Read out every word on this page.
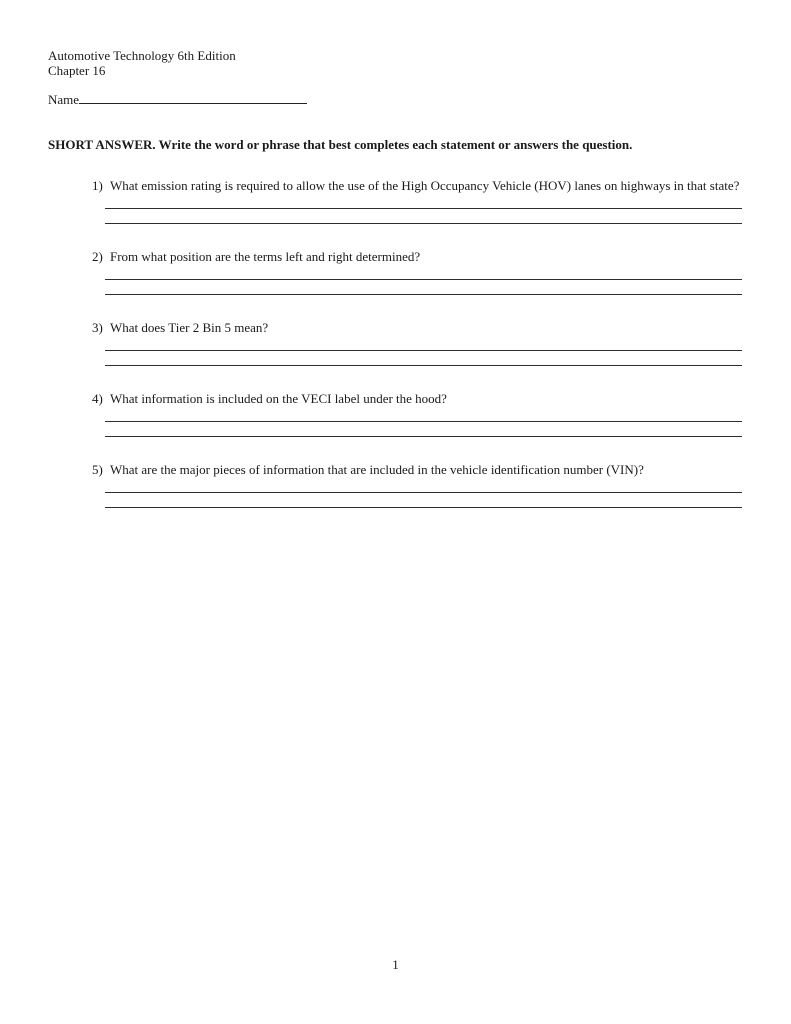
Automotive Technology 6th Edition
Chapter 16
Name
SHORT ANSWER. Write the word or phrase that best completes each statement or answers the question.

1) What emission rating is required to allow the use of the High Occupancy Vehicle (HOV) lanes on highways in that state?

2) From what position are the terms left and right determined?

3) What does Tier 2 Bin 5 mean?

4) What information is included on the VECI label under the hood?

5) What are the major pieces of information that are included in the vehicle identification number (VIN)?

1
